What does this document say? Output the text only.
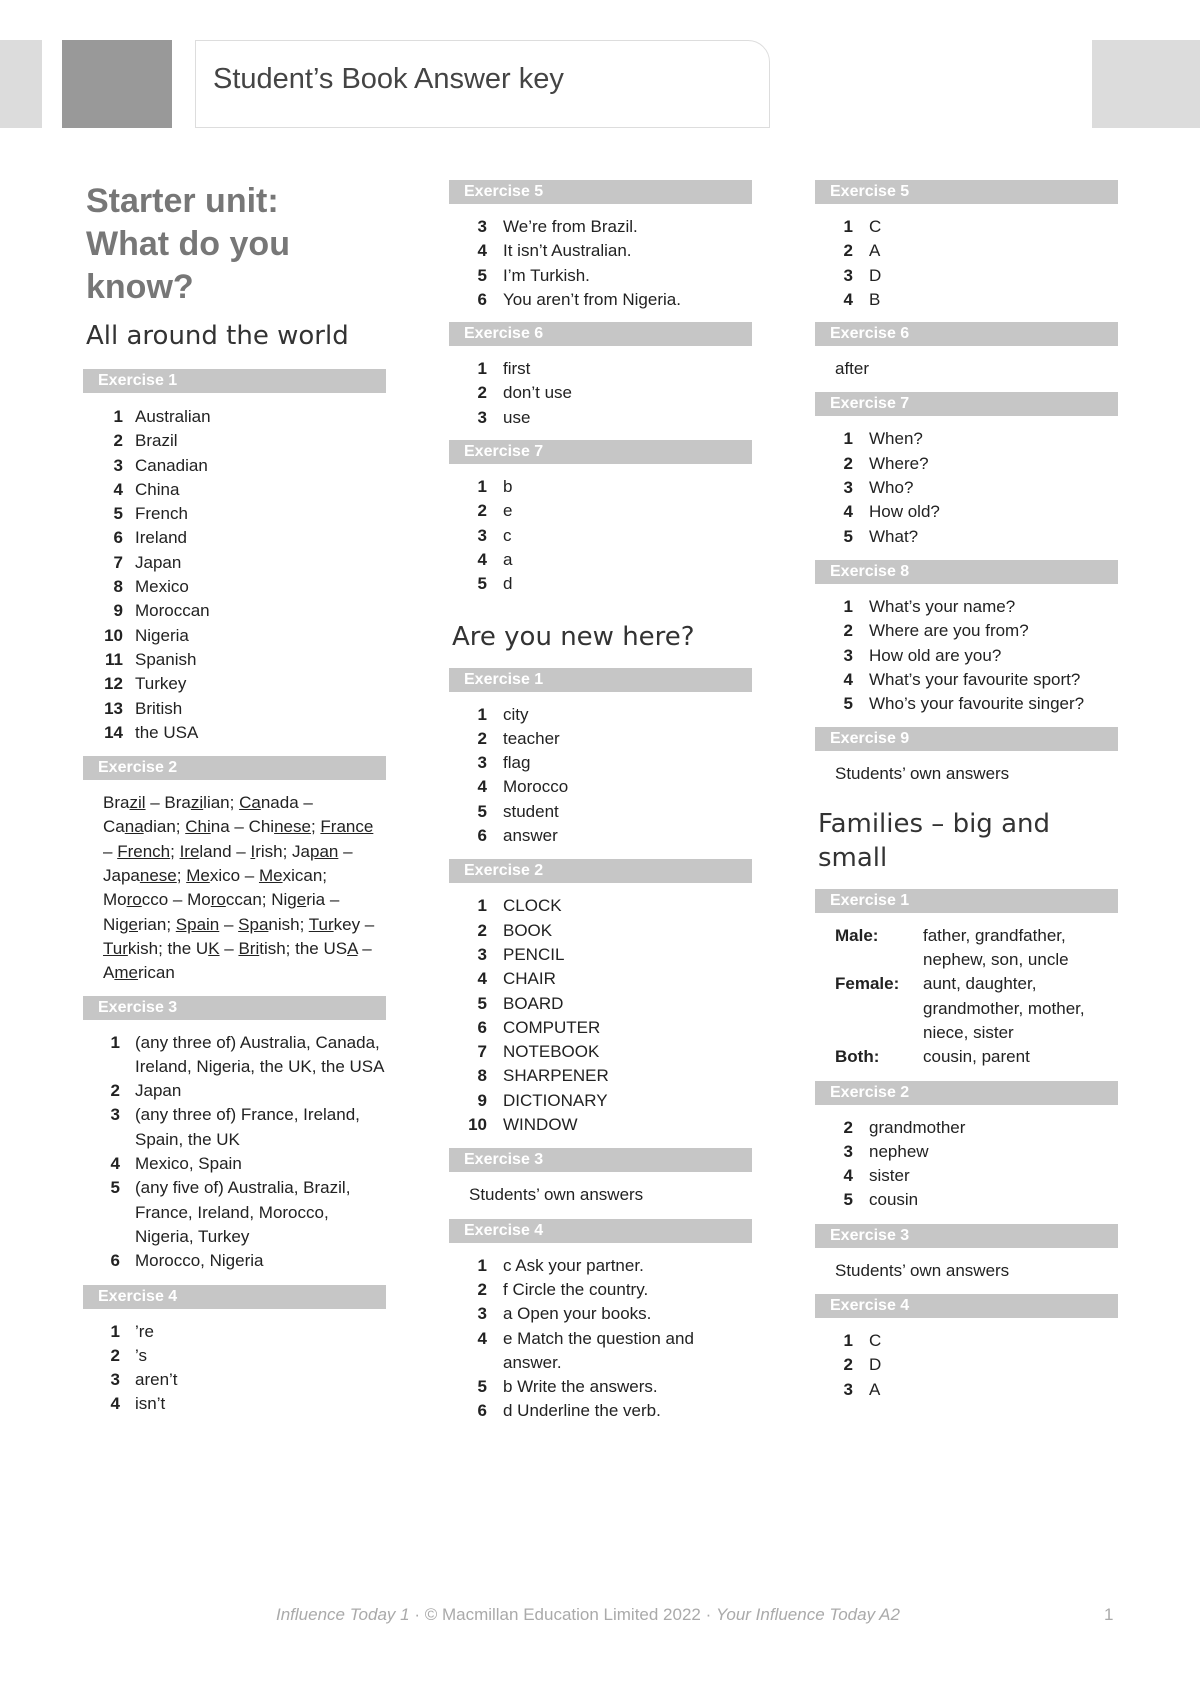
Student’s Book Answer key
Starter unit:
What do you
know?
All around the world
Exercise 1
1 Australian
2 Brazil
3 Canadian
4 China
5 French
6 Ireland
7 Japan
8 Mexico
9 Moroccan
10 Nigeria
11 Spanish
12 Turkey
13 British
14 the USA
Exercise 2
Brazil – Brazilian; Canada – Canadian; China – Chinese; France – French; Ireland – Irish; Japan – Japanese; Mexico – Mexican; Morocco – Moroccan; Nigeria – Nigerian; Spain – Spanish; Turkey – Turkish; the UK – British; the USA – American
Exercise 3
1 (any three of) Australia, Canada, Ireland, Nigeria, the UK, the USA
2 Japan
3 (any three of) France, Ireland, Spain, the UK
4 Mexico, Spain
5 (any five of) Australia, Brazil, France, Ireland, Morocco, Nigeria, Turkey
6 Morocco, Nigeria
Exercise 4
1 ’re
2 ’s
3 aren’t
4 isn’t
Exercise 5
3 We’re from Brazil.
4 It isn’t Australian.
5 I’m Turkish.
6 You aren’t from Nigeria.
Exercise 6
1 first
2 don’t use
3 use
Exercise 7
1 b
2 e
3 c
4 a
5 d
Are you new here?
Exercise 1
1 city
2 teacher
3 flag
4 Morocco
5 student
6 answer
Exercise 2
1 CLOCK
2 BOOK
3 PENCIL
4 CHAIR
5 BOARD
6 COMPUTER
7 NOTEBOOK
8 SHARPENER
9 DICTIONARY
10 WINDOW
Exercise 3
Students’ own answers
Exercise 4
1 c Ask your partner.
2 f Circle the country.
3 a Open your books.
4 e Match the question and answer.
5 b Write the answers.
6 d Underline the verb.
Exercise 5
1 C
2 A
3 D
4 B
Exercise 6
after
Exercise 7
1 When?
2 Where?
3 Who?
4 How old?
5 What?
Exercise 8
1 What’s your name?
2 Where are you from?
3 How old are you?
4 What’s your favourite sport?
5 Who’s your favourite singer?
Exercise 9
Students’ own answers
Families – big and small
Exercise 1
Male:	father, grandfather, nephew, son, uncle
Female:	aunt, daughter, grandmother, mother, niece, sister
Both:	cousin, parent
Exercise 2
2 grandmother
3 nephew
4 sister
5 cousin
Exercise 3
Students’ own answers
Exercise 4
1 C
2 D
3 A
Influence Today 1 · © Macmillan Education Limited 2022 · Your Influence Today A2	1
